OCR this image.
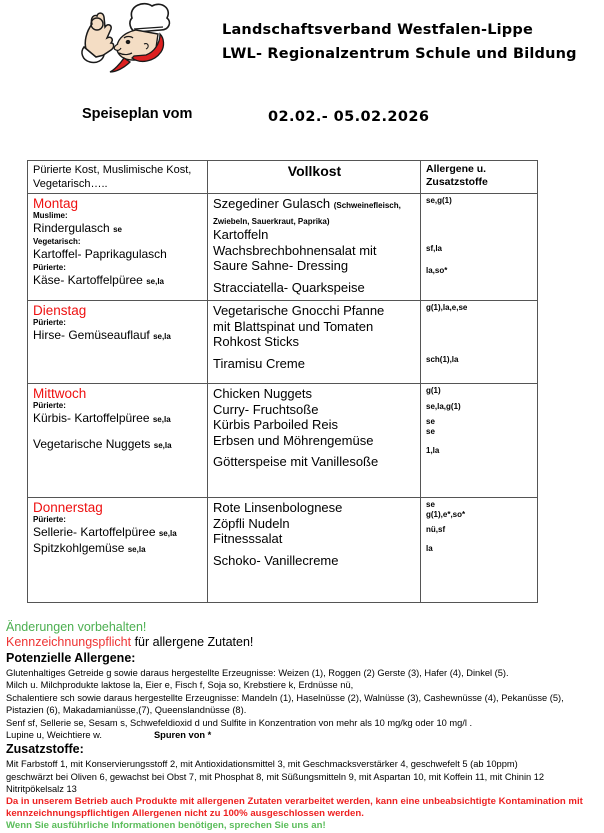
Landschaftsverband Westfalen-Lippe
LWL- Regionalzentrum Schule und Bildung
Speiseplan vom	02.02.- 05.02.2026
Pürierte Kost, Muslimische Kost, Vegetarisch…..	Vollkost	Allergene u.
Zusatzstoffe

Montag
Muslime:
Rindergulasch se
Vegetarisch:
Kartoffel- Paprikagulasch
Pürierte:
Käse- Kartoffelpüree se,la

Szegediner Gulasch (Schweinefleisch,
Zwiebeln, Sauerkraut, Paprika)
Kartoffeln
Wachsbrechbohnensalat mit
Saure Sahne- Dressing
Stracciatella- Quarkspeise

se,g(1)
sf,la
la,so*

Dienstag
Pürierte:
Hirse- Gemüseauflauf se,la

Vegetarische Gnocchi Pfanne
mit Blattspinat und Tomaten
Rohkost Sticks
Tiramisu Creme

g(1),la,e,se
sch(1),la

Mittwoch
Pürierte:
Kürbis- Kartoffelpüree se,la
Vegetarische Nuggets se,la

Chicken Nuggets
Curry- Fruchtsoße
Kürbis Parboiled Reis
Erbsen und Möhrengemüse
Götterspeise mit Vanillesoße

g(1)
se,la,g(1)
se
se
1,la

Donnerstag
Pürierte:
Sellerie- Kartoffelpüree se,la
Spitzkohlgemüse se,la

Rote Linsenbolognese
Zöpfli Nudeln
Fitnesssalat
Schoko- Vanillecreme

se
g(1),e*,so*
nü,sf
la
Änderungen vorbehalten!
Kennzeichnungspflicht für allergene Zutaten!
Potenzielle Allergene:
Glutenhaltiges Getreide g sowie daraus hergestellte Erzeugnisse: Weizen (1), Roggen (2) Gerste (3), Hafer (4), Dinkel (5).
Milch u. Milchprodukte laktose la, Eier e, Fisch f, Soja so, Krebstiere k, Erdnüsse nü,
Schalentiere sch sowie daraus hergestellte Erzeugnisse: Mandeln (1), Haselnüsse (2), Walnüsse (3), Cashewnüsse (4), Pekanüsse (5),
Pistazien (6), Makadamianüsse,(7), Queenslandnüsse (8).
Senf sf, Sellerie se, Sesam s, Schwefeldioxid d und Sulfite in Konzentration von mehr als 10 mg/kg oder 10 mg/l .
Lupine u, Weichtiere w.	Spuren von *
Zusatzstoffe:
Mit Farbstoff 1, mit Konservierungsstoff 2, mit Antioxidationsmittel 3, mit Geschmacksverstärker 4, geschwefelt 5 (ab 10ppm)
geschwärzt bei Oliven 6, gewachst bei Obst 7, mit Phosphat 8, mit Süßungsmitteln 9, mit Aspartan 10, mit Koffein 11, mit Chinin 12
Nitritpökelsalz 13
Da in unserem Betrieb auch Produkte mit allergenen Zutaten verarbeitet werden, kann eine unbeabsichtigte Kontamination mit
kennzeichnungspflichtigen Allergenen nicht zu 100% ausgeschlossen werden.
Wenn Sie ausführliche Informationen benötigen, sprechen Sie uns an!
